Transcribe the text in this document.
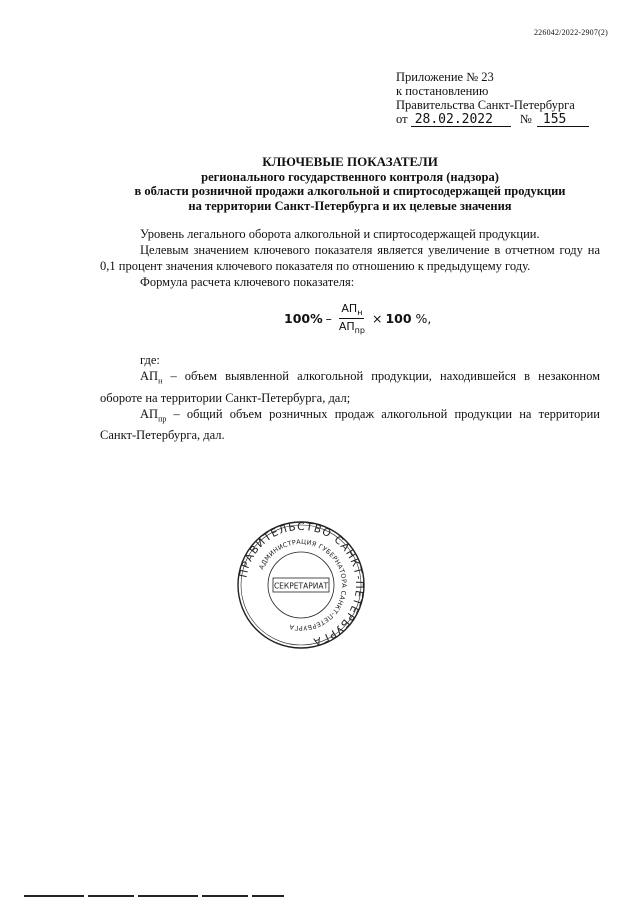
226042/2022-2907(2)
Приложение № 23
к постановлению
Правительства Санкт-Петербурга
от 28.02.2022 № 155
КЛЮЧЕВЫЕ ПОКАЗАТЕЛИ
регионального государственного контроля (надзора)
в области розничной продажи алкогольной и спиртосодержащей продукции
на территории Санкт-Петербурга и их целевые значения

Уровень легального оборота алкогольной и спиртосодержащей продукции.

Целевым значением ключевого показателя является увеличение в отчетном году на 0,1 процент значения ключевого показателя по отношению к предыдущему году.

Формула расчета ключевого показателя:

$100\% - \frac{АП_н}{АП_{пр}} \times 100$
%,

где:

$АП_н$ – объем выявленной алкогольной продукции, находившейся в незаконном обороте на территории Санкт-Петербурга, дал;

$АП_{пр}$ – общий объем розничных продаж алкогольной продукции на территории Санкт-Петербурга, дал.

ПРАВИТЕЛЬСТВО САНКТ-ПЕТЕРБУРГА
АДМИНИСТРАЦИЯ ГУБЕРНАТОРА САНКТ-ПЕТЕРБУРГА
СЕКРЕТАРИАТ
